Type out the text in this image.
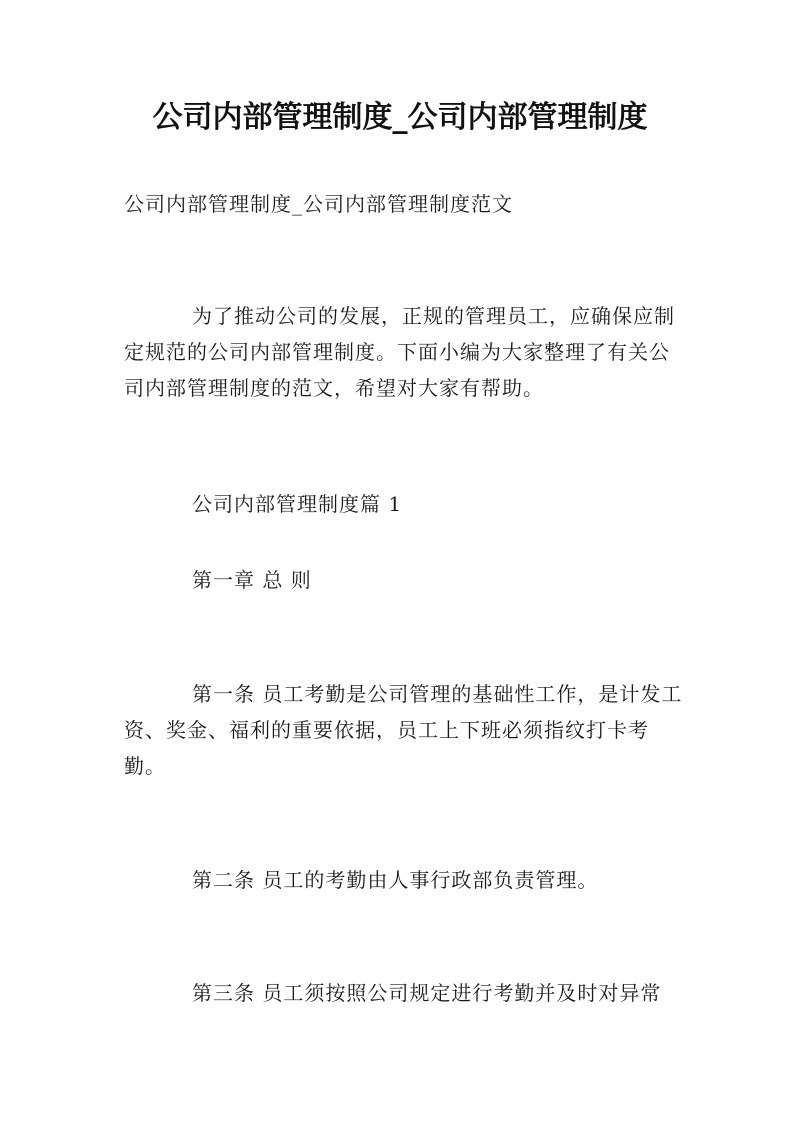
公司内部管理制度_公司内部管理制度

公司内部管理制度_公司内部管理制度范文

为了推动公司的发展，正规的管理员工，应确保应制定规范的公司内部管理制度。下面小编为大家整理了有关公司内部管理制度的范文，希望对大家有帮助。

公司内部管理制度篇 1

第一章 总 则

第一条 员工考勤是公司管理的基础性工作，是计发工资、奖金、福利的重要依据，员工上下班必须指纹打卡考勤。

第二条 员工的考勤由人事行政部负责管理。

第三条 员工须按照公司规定进行考勤并及时对异常
